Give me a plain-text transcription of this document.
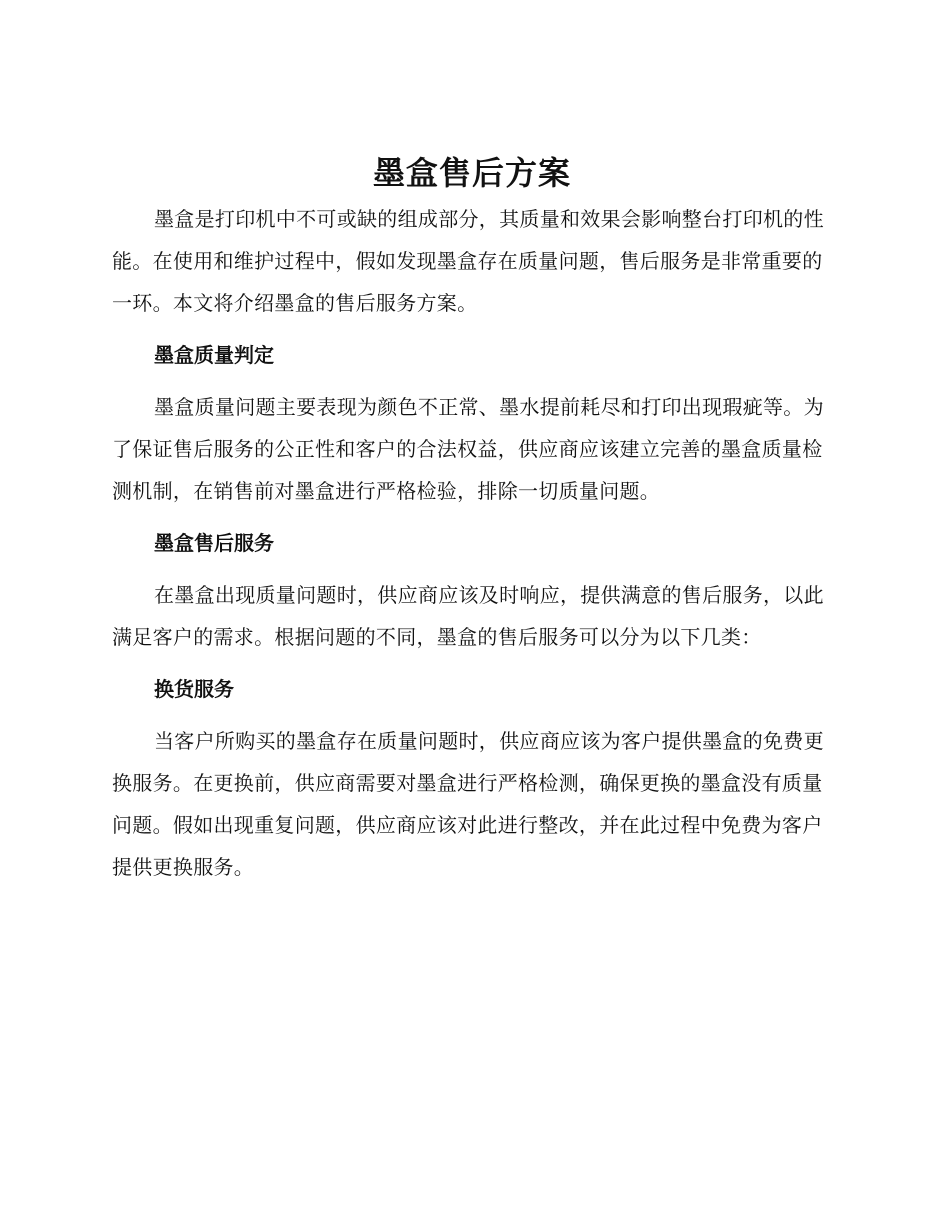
墨盒售后方案

墨盒是打印机中不可或缺的组成部分，其质量和效果会影响整台打印机的性能。在使用和维护过程中，假如发现墨盒存在质量问题，售后服务是非常重要的一环。本文将介绍墨盒的售后服务方案。

墨盒质量判定

墨盒质量问题主要表现为颜色不正常、墨水提前耗尽和打印出现瑕疵等。为了保证售后服务的公正性和客户的合法权益，供应商应该建立完善的墨盒质量检测机制，在销售前对墨盒进行严格检验，排除一切质量问题。

墨盒售后服务

在墨盒出现质量问题时，供应商应该及时响应，提供满意的售后服务，以此满足客户的需求。根据问题的不同，墨盒的售后服务可以分为以下几类：

换货服务

当客户所购买的墨盒存在质量问题时，供应商应该为客户提供墨盒的免费更换服务。在更换前，供应商需要对墨盒进行严格检测，确保更换的墨盒没有质量问题。假如出现重复问题，供应商应该对此进行整改，并在此过程中免费为客户提供更换服务。
